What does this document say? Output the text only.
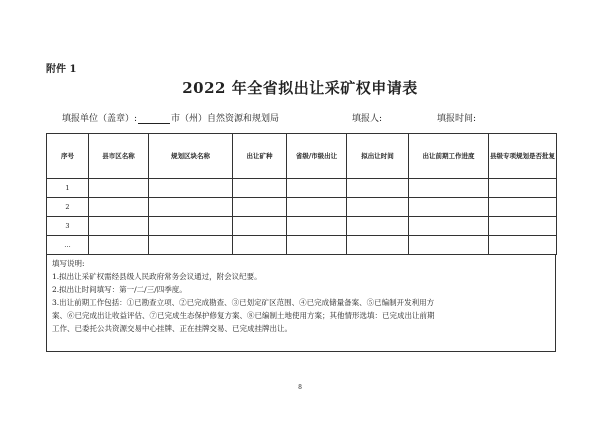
附件 1
2022 年全省拟出让采矿权申请表
填报单位（盖章）:	市（州）自然资源和规划局	填报人:	填报时间:
序号	县市区名称	规划区块名称	出让矿种	省级/市级出让	拟出让时间	出让前期工作进度	县级专项规划是否批复
1							
2							
3							
…							
填写说明:
1.拟出让采矿权需经县级人民政府常务会议通过，附会议纪要。
2.拟出让时间填写：第一/二/三/四季度。
3.出让前期工作包括：①已勘查立项、②已完成勘查、③已划定矿区范围、④已完成储量备案、⑤已编制开发利用方
案、⑥已完成出让收益评估、⑦已完成生态保护修复方案、⑧已编制土地使用方案；其他情形选填：已完成出让前期
工作、已委托公共资源交易中心挂牌、正在挂牌交易、已完成挂牌出让。
8
